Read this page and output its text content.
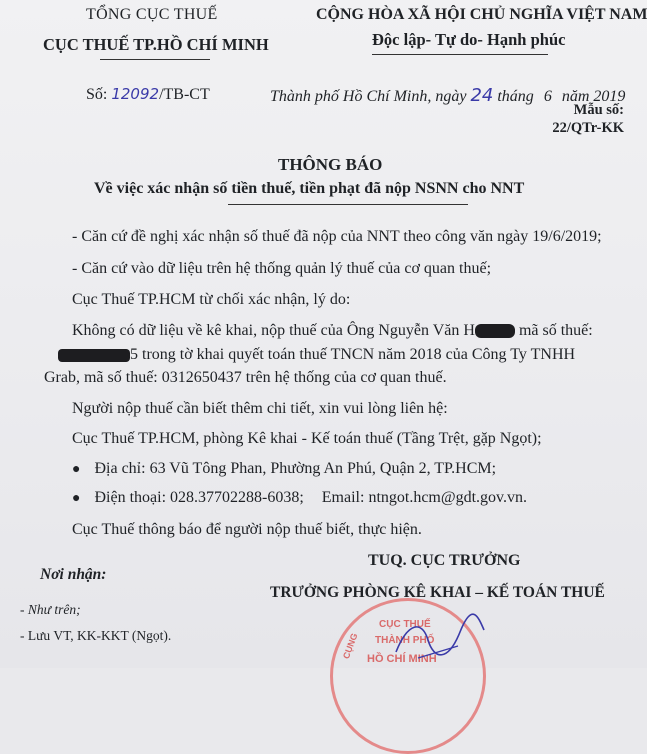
TỔNG CỤC THUẾ
CỤC THUẾ TP.HỒ CHÍ MINH
Số: 12092/TB-CT
CỘNG HÒA XÃ HỘI CHỦ NGHĨA VIỆT NAM
Độc lập- Tự do- Hạnh phúc
Thành phố Hồ Chí Minh, ngày 24 tháng 6 năm 2019
Mẫu số:
22/QTr-KK
THÔNG BÁO
Về việc xác nhận số tiền thuế, tiền phạt đã nộp NSNN cho NNT
- Căn cứ đề nghị xác nhận số thuế đã nộp của NNT theo công văn ngày 19/6/2019;
- Căn cứ vào dữ liệu trên hệ thống quản lý thuế của cơ quan thuế;
Cục Thuế TP.HCM từ chối xác nhận, lý do:
Không có dữ liệu về kê khai, nộp thuế của Ông Nguyễn Văn H	mã số thuế:
5 trong tờ khai quyết toán thuế TNCN năm 2018 của Công Ty TNHH
Grab, mã số thuế: 0312650437 trên hệ thống của cơ quan thuế.
Người nộp thuế cần biết thêm chi tiết, xin vui lòng liên hệ:
Cục Thuế TP.HCM, phòng Kê khai - Kế toán thuế (Tầng Trệt, gặp Ngọt);
● Địa chỉ: 63 Vũ Tông Phan, Phường An Phú, Quận 2, TP.HCM;
● Điện thoại: 028.37702288-6038; Email: ntngot.hcm@gdt.gov.vn.
Cục Thuế thông báo để người nộp thuế biết, thực hiện.
TUQ. CỤC TRƯỞNG
TRƯỞNG PHÒNG KÊ KHAI – KẾ TOÁN THUẾ
Nơi nhận:
- Như trên;
- Lưu VT, KK-KKT (Ngọt).
CỤC THUẾ
THÀNH PHỐ
HỒ CHÍ MINH
CỤNG
